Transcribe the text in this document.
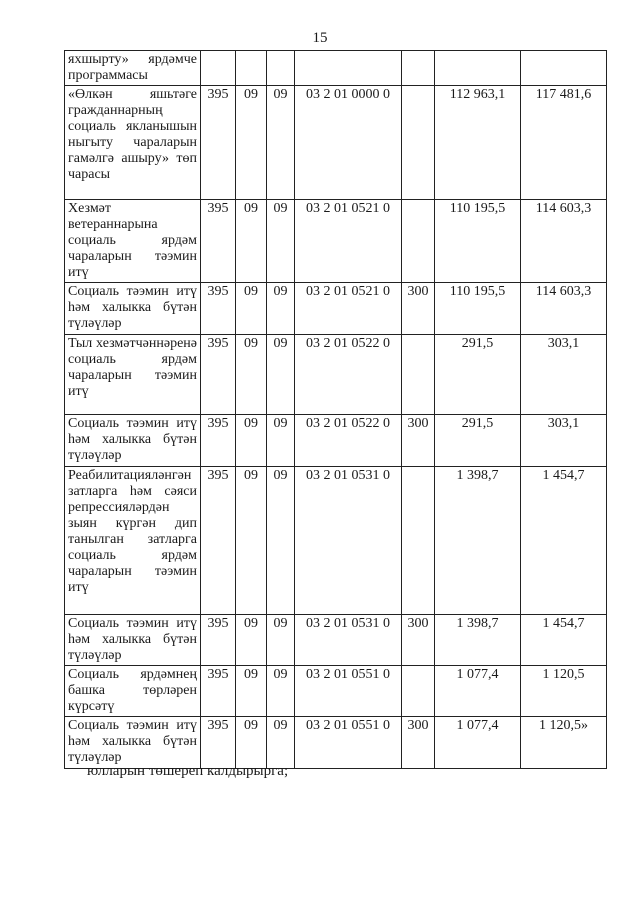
15
яхшырту» ярдәмче программасы							
«Өлкән яшьтәге гражданнарның социаль якланышын ныгыту чараларын гамәлгә ашыру» төп чарасы	395	09	09	03 2 01 0000 0		112 963,1	117 481,6
Хезмәт ветераннарына социаль ярдәм чараларын тәэмин итү	395	09	09	03 2 01 0521 0		110 195,5	114 603,3
Социаль тәэмин итү һәм халыкка бүтән түләүләр	395	09	09	03 2 01 0521 0	300	110 195,5	114 603,3
Тыл хезмәтчәннәренә социаль ярдәм чараларын тәэмин итү	395	09	09	03 2 01 0522 0		291,5	303,1
Социаль тәэмин итү һәм халыкка бүтән түләүләр	395	09	09	03 2 01 0522 0	300	291,5	303,1
Реабилитацияләнгән затларга һәм сәяси репрессияләрдән зыян күргән дип танылган затларга социаль ярдәм чараларын тәэмин итү	395	09	09	03 2 01 0531 0		1 398,7	1 454,7
Социаль тәэмин итү һәм халыкка бүтән түләүләр	395	09	09	03 2 01 0531 0	300	1 398,7	1 454,7
Социаль ярдәмнең башка төрләрен күрсәтү	395	09	09	03 2 01 0551 0		1 077,4	1 120,5
Социаль тәэмин итү һәм халыкка бүтән түләүләр	395	09	09	03 2 01 0551 0	300	1 077,4	1 120,5»
юлларын төшереп калдырырга;
